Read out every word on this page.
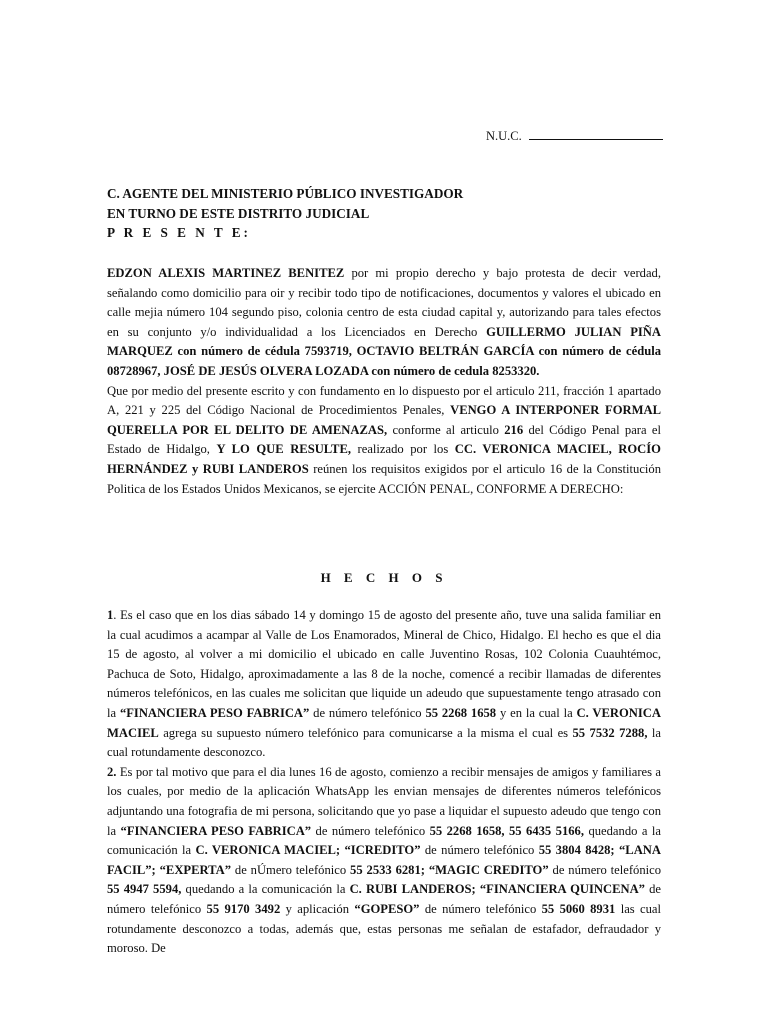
N.U.C.
C. AGENTE DEL MINISTERIO PÚBLICO INVESTIGADOR
EN TURNO DE ESTE DISTRITO JUDICIAL
P R E S E N T E:

EDZON ALEXIS MARTINEZ BENITEZ por mi propio derecho y bajo protesta de decir verdad, señalando como domicilio para oir y recibir todo tipo de notificaciones, documentos y valores el ubicado en calle mejia número 104 segundo piso, colonia centro de esta ciudad capital y, autorizando para tales efectos en su conjunto y/o individualidad a los Licenciados en Derecho GUILLERMO JULIAN PIÑA MARQUEZ con número de cédula 7593719, OCTAVIO BELTRÁN GARCÍA con número de cédula 08728967, JOSÉ DE JESÚS OLVERA LOZADA con número de cedula 8253320.

Que por medio del presente escrito y con fundamento en lo dispuesto por el articulo 211, fracción 1 apartado A, 221 y 225 del Código Nacional de Procedimientos Penales, VENGO A INTERPONER FORMAL QUERELLA POR EL DELITO DE AMENAZAS, conforme al articulo 216 del Código Penal para el Estado de Hidalgo, Y LO QUE RESULTE, realizado por los CC. VERONICA MACIEL, ROCÍO HERNÁNDEZ y RUBI LANDEROS reúnen los requisitos exigidos por el articulo 16 de la Constitución Politica de los Estados Unidos Mexicanos, se ejercite ACCIÓN PENAL, CONFORME A DERECHO:

H E C H O S

1. Es el caso que en los dias sábado 14 y domingo 15 de agosto del presente año, tuve una salida familiar en la cual acudimos a acampar al Valle de Los Enamorados, Mineral de Chico, Hidalgo. El hecho es que el dia 15 de agosto, al volver a mi domicilio el ubicado en calle Juventino Rosas, 102 Colonia Cuauhtémoc, Pachuca de Soto, Hidalgo, aproximadamente a las 8 de la noche, comencé a recibir llamadas de diferentes números telefónicos, en las cuales me solicitan que liquide un adeudo que supuestamente tengo atrasado con la “FINANCIERA PESO FABRICA” de número telefónico 55 2268 1658 y en la cual la C. VERONICA MACIEL agrega su supuesto número telefónico para comunicarse a la misma el cual es 55 7532 7288, la cual rotundamente desconozco.

2. Es por tal motivo que para el dia lunes 16 de agosto, comienzo a recibir mensajes de amigos y familiares a los cuales, por medio de la aplicación WhatsApp les envian mensajes de diferentes números telefónicos adjuntando una fotografia de mi persona, solicitando que yo pase a liquidar el supuesto adeudo que tengo con la “FINANCIERA PESO FABRICA” de número telefónico 55 2268 1658, 55 6435 5166, quedando a la comunicación la C. VERONICA MACIEL; “ICREDITO” de número telefónico 55 3804 8428; “LANA FACIL”; “EXPERTA” de nÚmero telefónico 55 2533 6281; “MAGIC CREDITO” de número telefónico 55 4947 5594, quedando a la comunicación la C. RUBI LANDEROS; “FINANCIERA QUINCENA” de número telefónico 55 9170 3492 y aplicación “GOPESO” de número telefónico 55 5060 8931 las cual rotundamente desconozco a todas, además que, estas personas me señalan de estafador, defraudador y moroso. De
